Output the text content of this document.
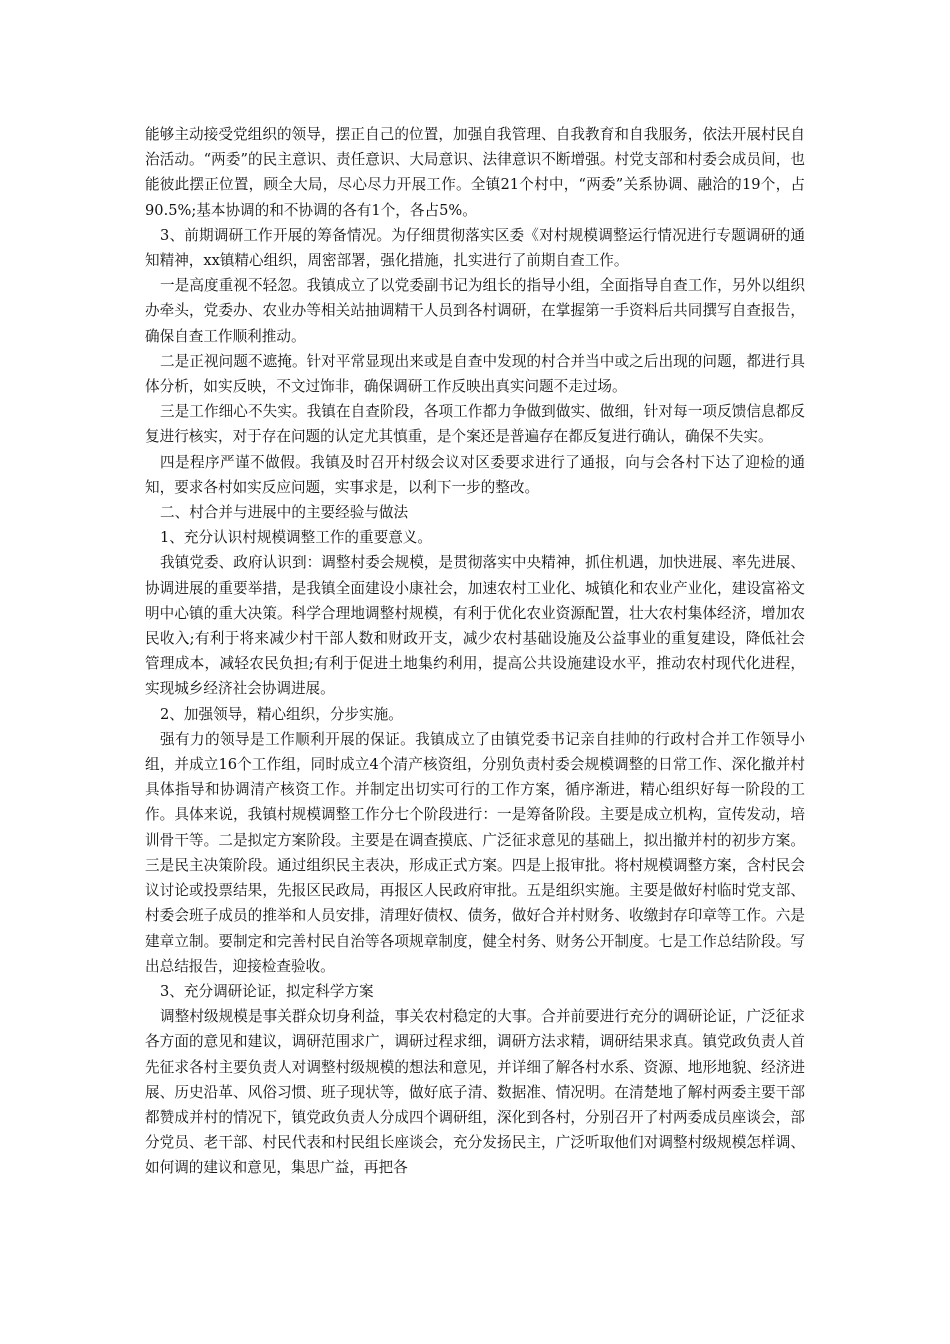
能够主动接受党组织的领导，摆正自己的位置，加强自我管理、自我教育和自我服务，依法开展村民自治活动。“两委”的民主意识、责任意识、大局意识、法律意识不断增强。村党支部和村委会成员间，也能彼此摆正位置，顾全大局，尽心尽力开展工作。全镇21个村中，“两委”关系协调、融洽的19个，占90.5%;基本协调的和不协调的各有1个，各占5%。

3、前期调研工作开展的筹备情况。为仔细贯彻落实区委《对村规模调整运行情况进行专题调研的通知精神，xx镇精心组织，周密部署，强化措施，扎实进行了前期自查工作。

一是高度重视不轻忽。我镇成立了以党委副书记为组长的指导小组，全面指导自查工作，另外以组织办牵头，党委办、农业办等相关站抽调精干人员到各村调研，在掌握第一手资料后共同撰写自查报告，确保自查工作顺利推动。

二是正视问题不遮掩。针对平常显现出来或是自查中发现的村合并当中或之后出现的问题，都进行具体分析，如实反映，不文过饰非，确保调研工作反映出真实问题不走过场。

三是工作细心不失实。我镇在自查阶段，各项工作都力争做到做实、做细，针对每一项反馈信息都反复进行核实，对于存在问题的认定尤其慎重，是个案还是普遍存在都反复进行确认，确保不失实。

四是程序严谨不做假。我镇及时召开村级会议对区委要求进行了通报，向与会各村下达了迎检的通知，要求各村如实反应问题，实事求是，以利下一步的整改。

二、村合并与进展中的主要经验与做法

1、充分认识村规模调整工作的重要意义。

我镇党委、政府认识到：调整村委会规模，是贯彻落实中央精神，抓住机遇，加快进展、率先进展、协调进展的重要举措，是我镇全面建设小康社会，加速农村工业化、城镇化和农业产业化，建设富裕文明中心镇的重大决策。科学合理地调整村规模，有利于优化农业资源配置，壮大农村集体经济，增加农民收入;有利于将来减少村干部人数和财政开支，减少农村基础设施及公益事业的重复建设，降低社会管理成本，减轻农民负担;有利于促进土地集约利用，提高公共设施建设水平，推动农村现代化进程，实现城乡经济社会协调进展。

2、加强领导，精心组织，分步实施。

强有力的领导是工作顺利开展的保证。我镇成立了由镇党委书记亲自挂帅的行政村合并工作领导小组，并成立16个工作组，同时成立4个清产核资组，分别负责村委会规模调整的日常工作、深化撤并村具体指导和协调清产核资工作。并制定出切实可行的工作方案，循序渐进，精心组织好每一阶段的工作。具体来说，我镇村规模调整工作分七个阶段进行：一是筹备阶段。主要是成立机构，宣传发动，培训骨干等。二是拟定方案阶段。主要是在调查摸底、广泛征求意见的基础上，拟出撤并村的初步方案。三是民主决策阶段。通过组织民主表决，形成正式方案。四是上报审批。将村规模调整方案，含村民会议讨论或投票结果，先报区民政局，再报区人民政府审批。五是组织实施。主要是做好村临时党支部、村委会班子成员的推举和人员安排，清理好债权、债务，做好合并村财务、收缴封存印章等工作。六是建章立制。要制定和完善村民自治等各项规章制度，健全村务、财务公开制度。七是工作总结阶段。写出总结报告，迎接检查验收。

3、充分调研论证，拟定科学方案

调整村级规模是事关群众切身利益，事关农村稳定的大事。合并前要进行充分的调研论证，广泛征求各方面的意见和建议，调研范围求广，调研过程求细，调研方法求精，调研结果求真。镇党政负责人首先征求各村主要负责人对调整村级规模的想法和意见，并详细了解各村水系、资源、地形地貌、经济进展、历史沿革、风俗习惯、班子现状等，做好底子清、数据准、情况明。在清楚地了解村两委主要干部都赞成并村的情况下，镇党政负责人分成四个调研组，深化到各村，分别召开了村两委成员座谈会，部分党员、老干部、村民代表和村民组长座谈会，充分发扬民主，广泛听取他们对调整村级规模怎样调、如何调的建议和意见，集思广益，再把各
